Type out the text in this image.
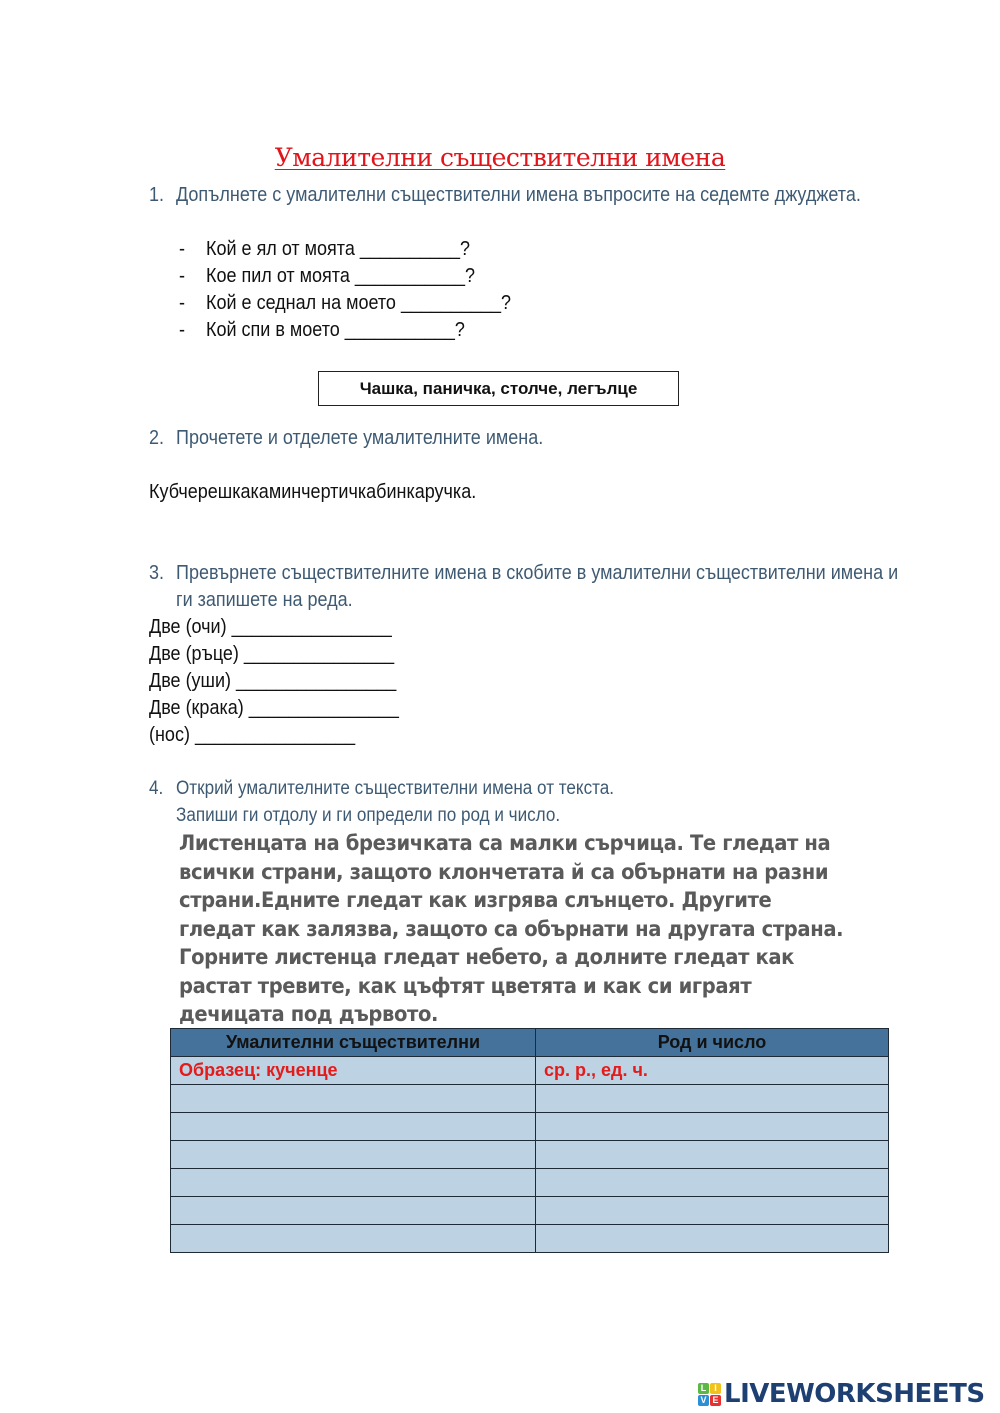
Умалителни съществителни имена
1. Допълнете с умалителни съществителни имена въпросите на седемте джуджета.
- Кой е ял от моята __________?
- Кое пил от моята ___________?
- Кой е седнал на моето __________?
- Кой спи в моето ___________?
Чашка, паничка, столче, легълце
2. Прочетете и отделете умалителните имена.
Кубчерешкакаминчертичкабинкаручка.
3. Превърнете съществителните имена в скобите в умалителни съществителни имена и ги запишете на реда.
Две (очи) ________________
Две (ръце) _______________
Две (уши) ________________
Две (крака) _______________
(нос) ________________
4. Открий умалителните съществителни имена от текста.
Запиши ги отдолу и ги определи по род и число.
Листенцата на брезичката са малки сърчица. Те гледат на всички страни, защото клончетата й са обърнати на разни страни.Едните гледат как изгрява слънцето. Другите гледат как залязва, защото са обърнати на другата страна. Горните листенца гледат небето, а долните гледат как растат тревите, как цъфтят цветята и как си играят дечицата под дървото.
Умалителни съществителни	Род и число
Образец: кученце	ср. р., ед. ч.

L I
V E LIVEWORKSHEETS
